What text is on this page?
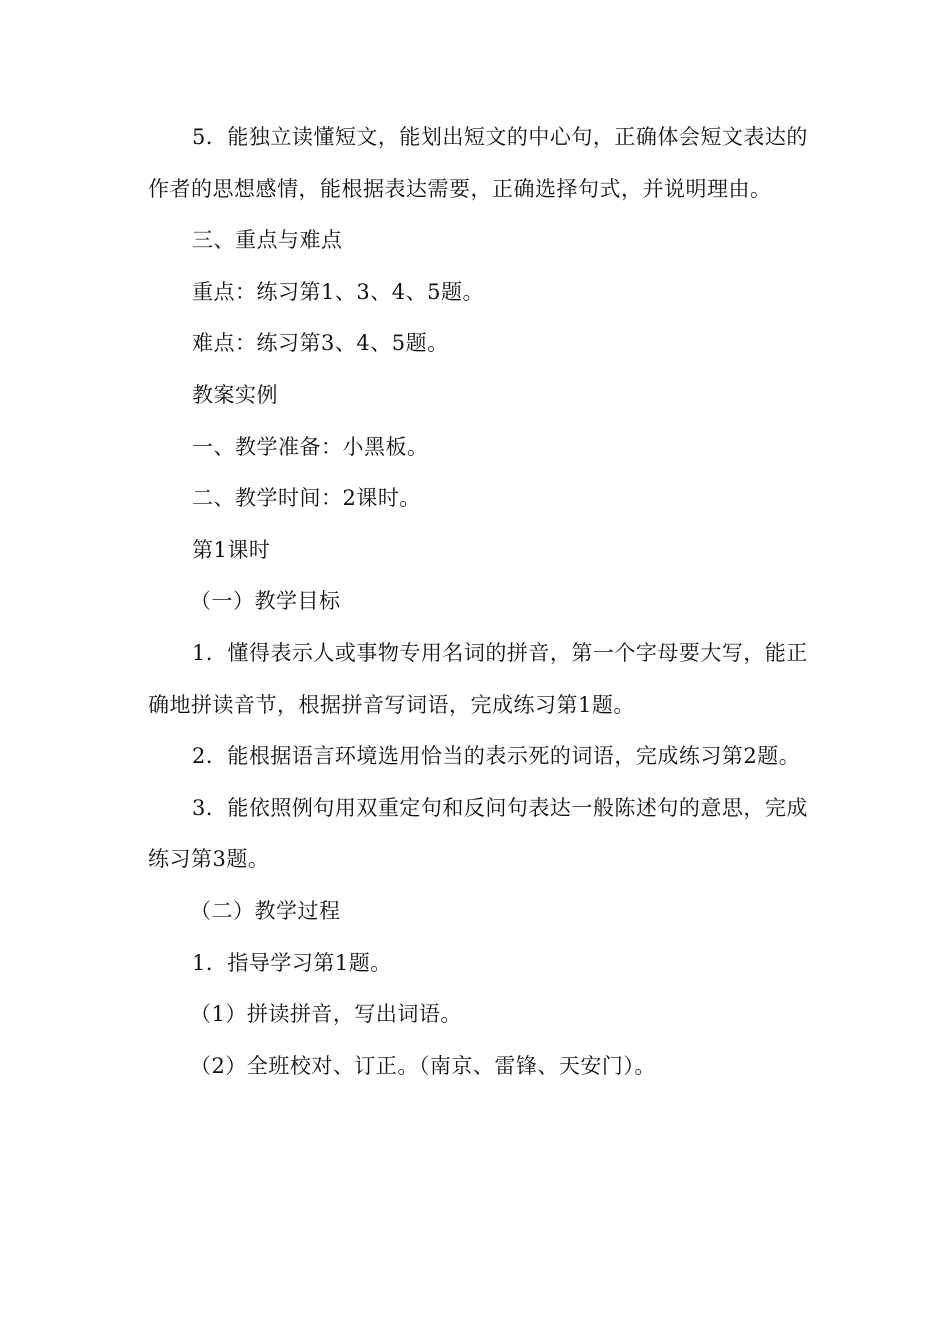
5．能独立读懂短文，能划出短文的中心句，正确体会短文表达的作者的思想感情，能根据表达需要，正确选择句式，并说明理由。

三、重点与难点

重点：练习第1、3、4、5题。

难点：练习第3、4、5题。

教案实例

一、教学准备：小黑板。

二、教学时间：2课时。

第1课时

（一）教学目标

1．懂得表示人或事物专用名词的拼音，第一个字母要大写，能正确地拼读音节，根据拼音写词语，完成练习第1题。

2．能根据语言环境选用恰当的表示死的词语，完成练习第2题。

3．能依照例句用双重定句和反问句表达一般陈述句的意思，完成练习第3题。

（二）教学过程

1．指导学习第1题。

（1）拼读拼音，写出词语。

（2）全班校对、订正。（南京、雷锋、天安门）。
